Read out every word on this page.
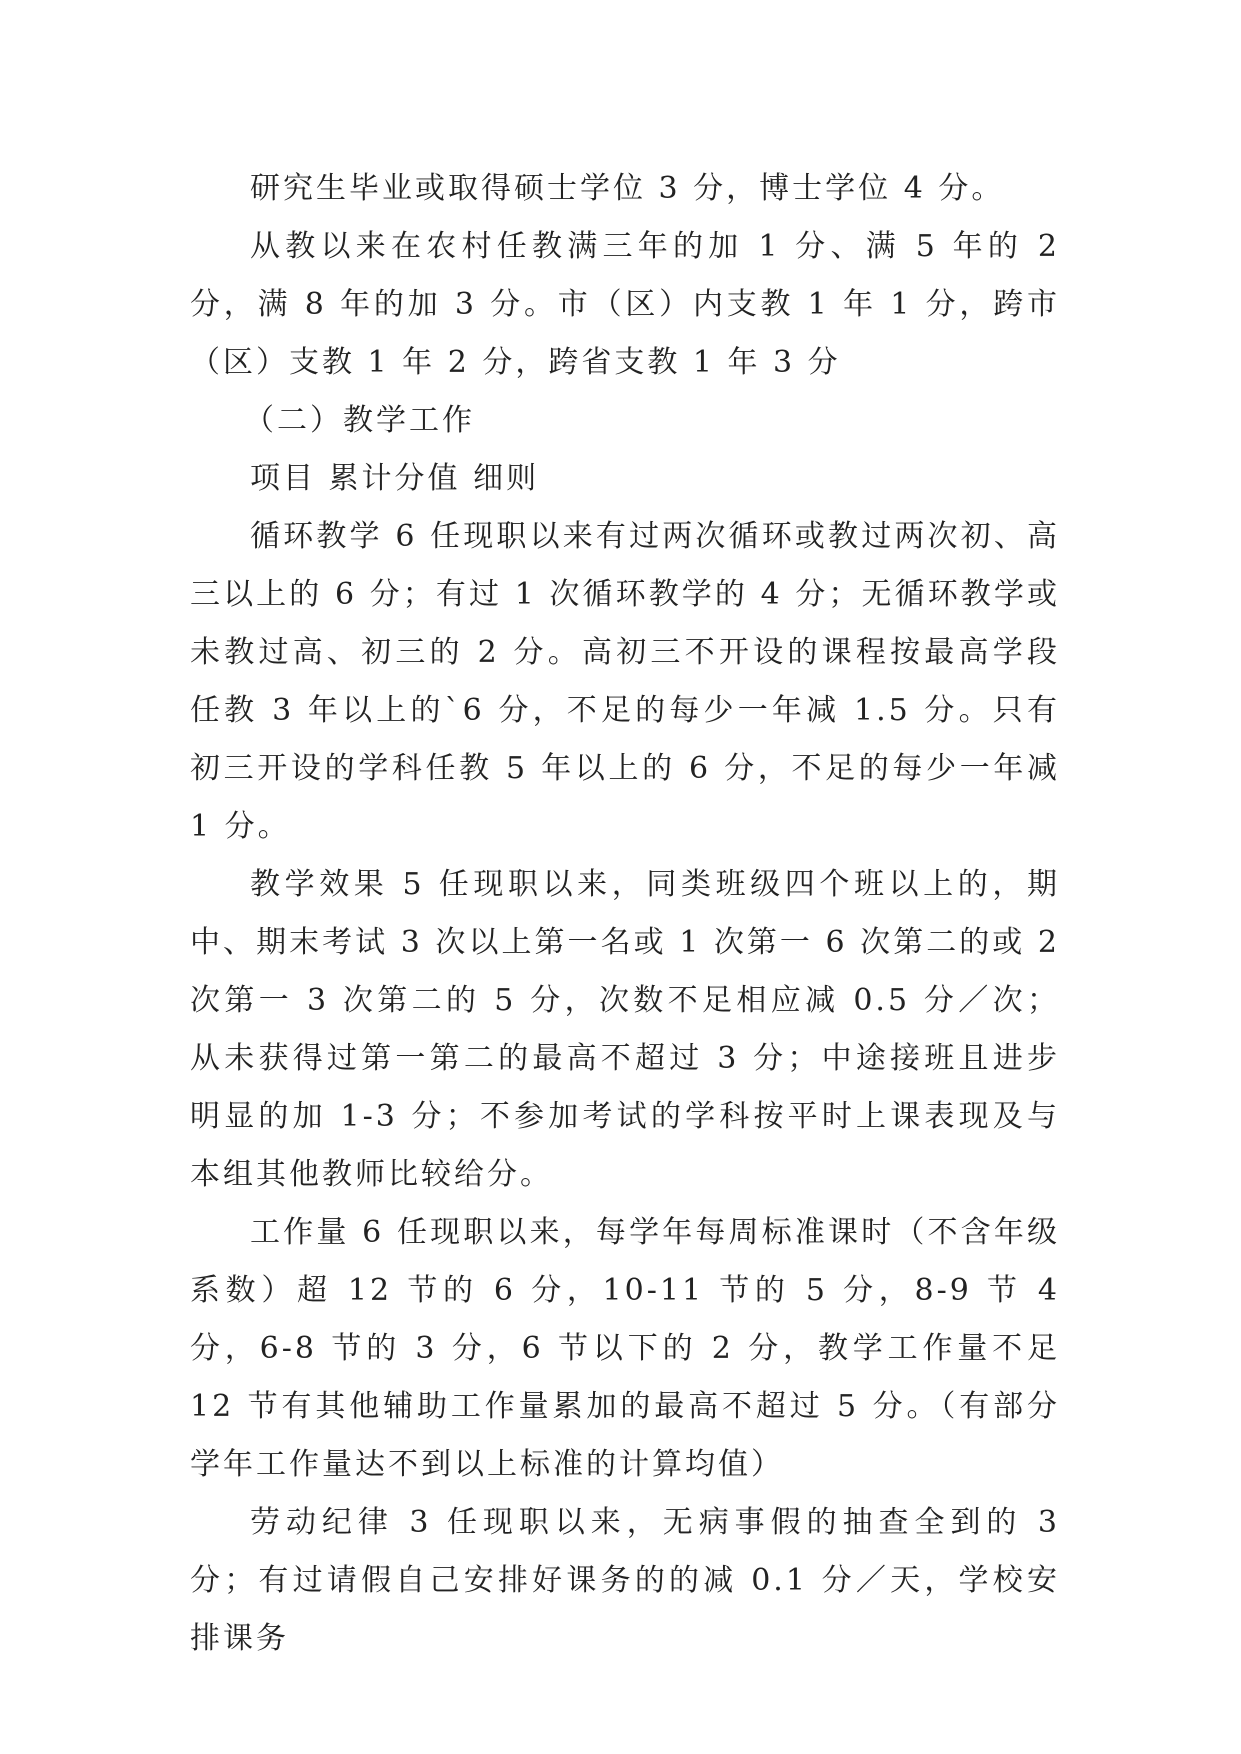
研究生毕业或取得硕士学位 3 分，博士学位 4 分。

从教以来在农村任教满三年的加 1 分、满 5 年的 2 分，满 8 年的加 3 分。市（区）内支教 1 年 1 分，跨市（区）支教 1 年 2 分，跨省支教 1 年 3 分

（二）教学工作

项目 累计分值 细则

循环教学 6 任现职以来有过两次循环或教过两次初、高三以上的 6 分；有过 1 次循环教学的 4 分；无循环教学或未教过高、初三的 2 分。高初三不开设的课程按最高学段任教 3 年以上的`6 分，不足的每少一年减 1.5 分。只有初三开设的学科任教 5 年以上的 6 分，不足的每少一年减 1 分。

教学效果 5 任现职以来，同类班级四个班以上的，期中、期末考试 3 次以上第一名或 1 次第一 6 次第二的或 2 次第一 3 次第二的 5 分，次数不足相应减 0.5 分／次； 从未获得过第一第二的最高不超过 3 分；中途接班且进步明显的加 1-3 分；不参加考试的学科按平时上课表现及与本组其他教师比较给分。

工作量 6 任现职以来，每学年每周标准课时（不含年级系数）超 12 节的 6 分，10-11 节的 5 分，8-9 节 4 分，6-8 节的 3 分，6 节以下的 2 分，教学工作量不足 12 节有其他辅助工作量累加的最高不超过 5 分。（有部分学年工作量达不到以上标准的计算均值）

劳动纪律 3 任现职以来，无病事假的抽查全到的 3 分；有过请假自己安排好课务的的减 0.1 分／天，学校安排课务
